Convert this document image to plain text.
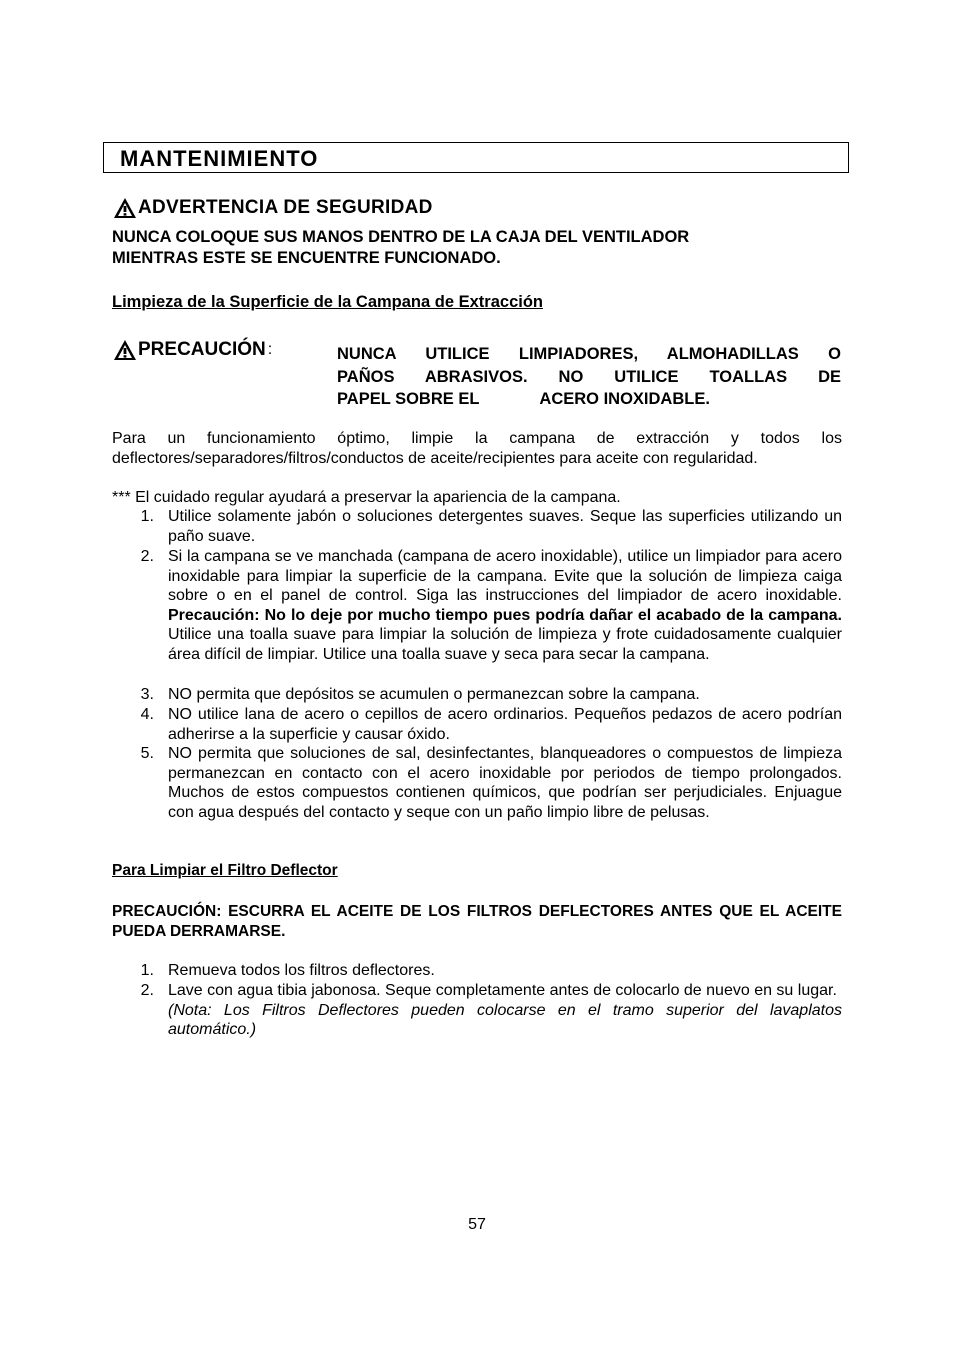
MANTENIMIENTO
ADVERTENCIA DE SEGURIDAD
NUNCA COLOQUE SUS MANOS DENTRO DE LA CAJA DEL VENTILADOR
MIENTRAS ESTE SE ENCUENTRE FUNCIONADO.
Limpieza de la Superficie de la Campana de Extracción
PRECAUCIÓN :	NUNCA UTILICE LIMPIADORES, ALMOHADILLAS O
PAÑOS ABRASIVOS. NO UTILICE TOALLAS DE
PAPEL SOBRE EL	ACERO INOXIDABLE.
Para un funcionamiento óptimo, limpie la campana de extracción y todos los deflectores/separadores/filtros/conductos de aceite/recipientes para aceite con regularidad.
*** El cuidado regular ayudará a preservar la apariencia de la campana.
1. Utilice solamente jabón o soluciones detergentes suaves. Seque las superficies utilizando un paño suave.
2. Si la campana se ve manchada (campana de acero inoxidable), utilice un limpiador para acero inoxidable para limpiar la superficie de la campana. Evite que la solución de limpieza caiga sobre o en el panel de control. Siga las instrucciones del limpiador de acero inoxidable. Precaución: No lo deje por mucho tiempo pues podría dañar el acabado de la campana. Utilice una toalla suave para limpiar la solución de limpieza y frote cuidadosamente cualquier área difícil de limpiar. Utilice una toalla suave y seca para secar la campana.
3. NO permita que depósitos se acumulen o permanezcan sobre la campana.
4. NO utilice lana de acero o cepillos de acero ordinarios. Pequeños pedazos de acero podrían adherirse a la superficie y causar óxido.
5. NO permita que soluciones de sal, desinfectantes, blanqueadores o compuestos de limpieza permanezcan en contacto con el acero inoxidable por periodos de tiempo prolongados. Muchos de estos compuestos contienen químicos, que podrían ser perjudiciales. Enjuague con agua después del contacto y seque con un paño limpio libre de pelusas.
Para Limpiar el Filtro Deflector
PRECAUCIÓN: ESCURRA EL ACEITE DE LOS FILTROS DEFLECTORES ANTES QUE EL ACEITE PUEDA DERRAMARSE.
1. Remueva todos los filtros deflectores.
2. Lave con agua tibia jabonosa. Seque completamente antes de colocarlo de nuevo en su lugar.
(Nota: Los Filtros Deflectores pueden colocarse en el tramo superior del lavaplatos automático.)
57
